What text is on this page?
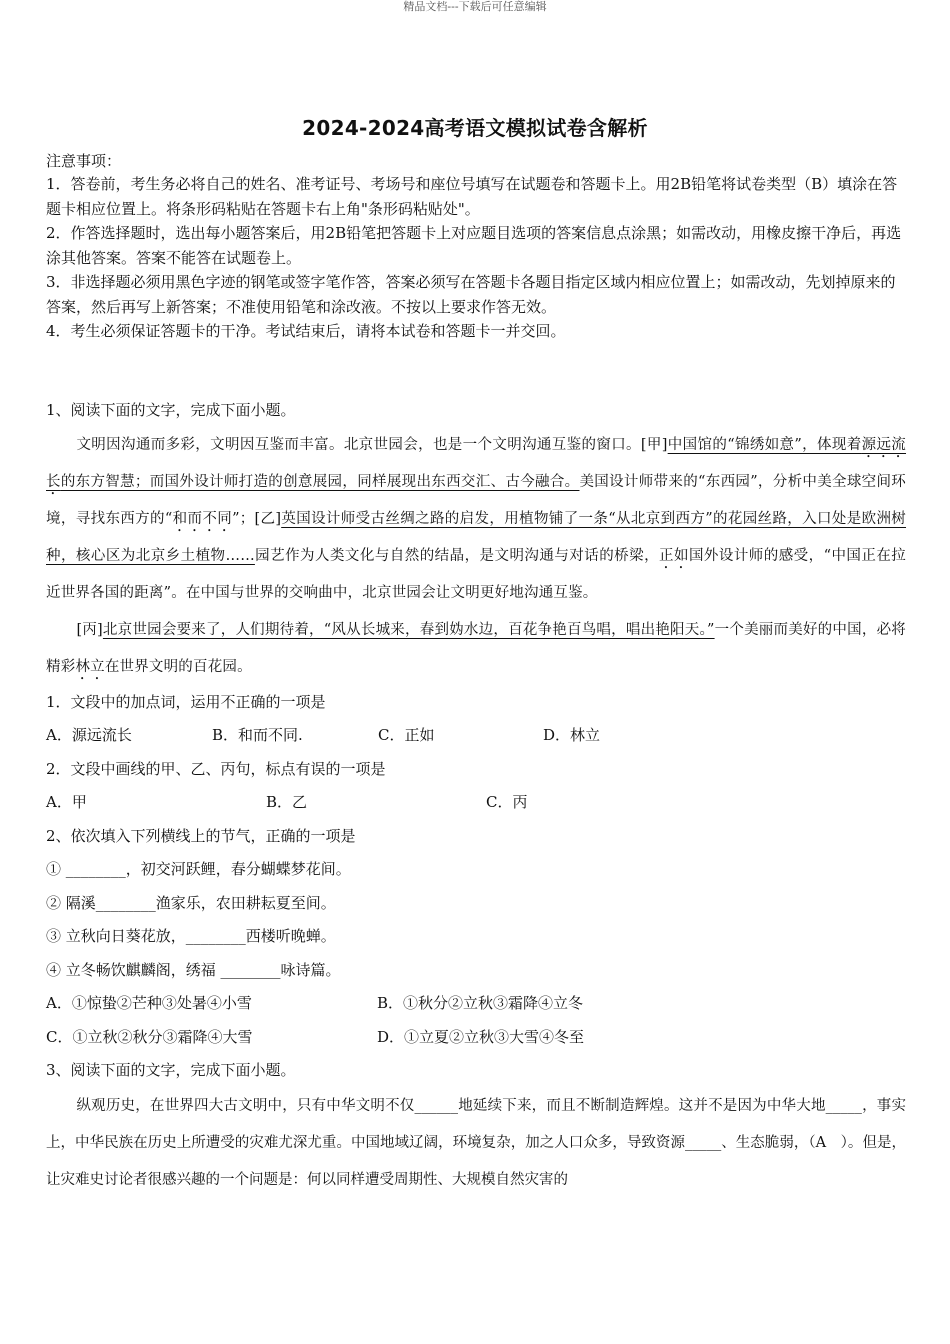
精品文档---下载后可任意编辑
2024-2024高考语文模拟试卷含解析
注意事项：
1．答卷前，考生务必将自己的姓名、准考证号、考场号和座位号填写在试题卷和答题卡上。用2B铅笔将试卷类型（B）填涂在答题卡相应位置上。将条形码粘贴在答题卡右上角"条形码粘贴处"。
2．作答选择题时，选出每小题答案后，用2B铅笔把答题卡上对应题目选项的答案信息点涂黑；如需改动，用橡皮擦干净后，再选涂其他答案。答案不能答在试题卷上。
3．非选择题必须用黑色字迹的钢笔或签字笔作答，答案必须写在答题卡各题目指定区域内相应位置上；如需改动，先划掉原来的答案，然后再写上新答案；不准使用铅笔和涂改液。不按以上要求作答无效。
4．考生必须保证答题卡的干净。考试结束后，请将本试卷和答题卡一并交回。
1、阅读下面的文字，完成下面小题。
文明因沟通而多彩，文明因互鉴而丰富。北京世园会，也是一个文明沟通互鉴的窗口。[甲]中国馆的“锦绣如意”，体现着源远流长的东方智慧；而国外设计师打造的创意展园，同样展现出东西交汇、古今融合。美国设计师带来的“东西园”，分析中美全球空间环境，寻找东西方的“和而不同”；[乙]英国设计师受古丝绸之路的启发，用植物铺了一条“从北京到西方”的花园丝路，入口处是欧洲树种，核心区为北京乡土植物……园艺作为人类文化与自然的结晶，是文明沟通与对话的桥梁，正如国外设计师的感受，“中国正在拉近世界各国的距离”。在中国与世界的交响曲中，北京世园会让文明更好地沟通互鉴。
[丙]北京世园会要来了，人们期待着，“风从长城来，春到妫水边，百花争艳百鸟唱，唱出艳阳天。”一个美丽而美好的中国，必将精彩林立在世界文明的百花园。
1．文段中的加点词，运用不正确的一项是
A．源远流长	B．和而不同.	C．正如	D．林立
2．文段中画线的甲、乙、丙句，标点有误的一项是
A．甲	B．乙	C．丙
2、依次填入下列横线上的节气，正确的一项是
① ________，初交河跃鲤，春分蝴蝶梦花间。
② 隔溪________渔家乐，农田耕耘夏至间。
③ 立秋向日葵花放，________西楼听晚蝉。
④ 立冬畅饮麒麟阁，绣福 ________咏诗篇。
A．①惊蛰②芒种③处暑④小雪	B．①秋分②立秋③霜降④立冬
C．①立秋②秋分③霜降④大雪	D．①立夏②立秋③大雪④冬至
3、阅读下面的文字，完成下面小题。
纵观历史，在世界四大古文明中，只有中华文明不仅______地延续下来，而且不断制造辉煌。这并不是因为中华大地_____，事实上，中华民族在历史上所遭受的灾难尤深尤重。中国地域辽阔，环境复杂，加之人口众多，导致资源_____、生态脆弱，（A　）。但是，让灾难史讨论者很感兴趣的一个问题是：何以同样遭受周期性、大规模自然灾害的
